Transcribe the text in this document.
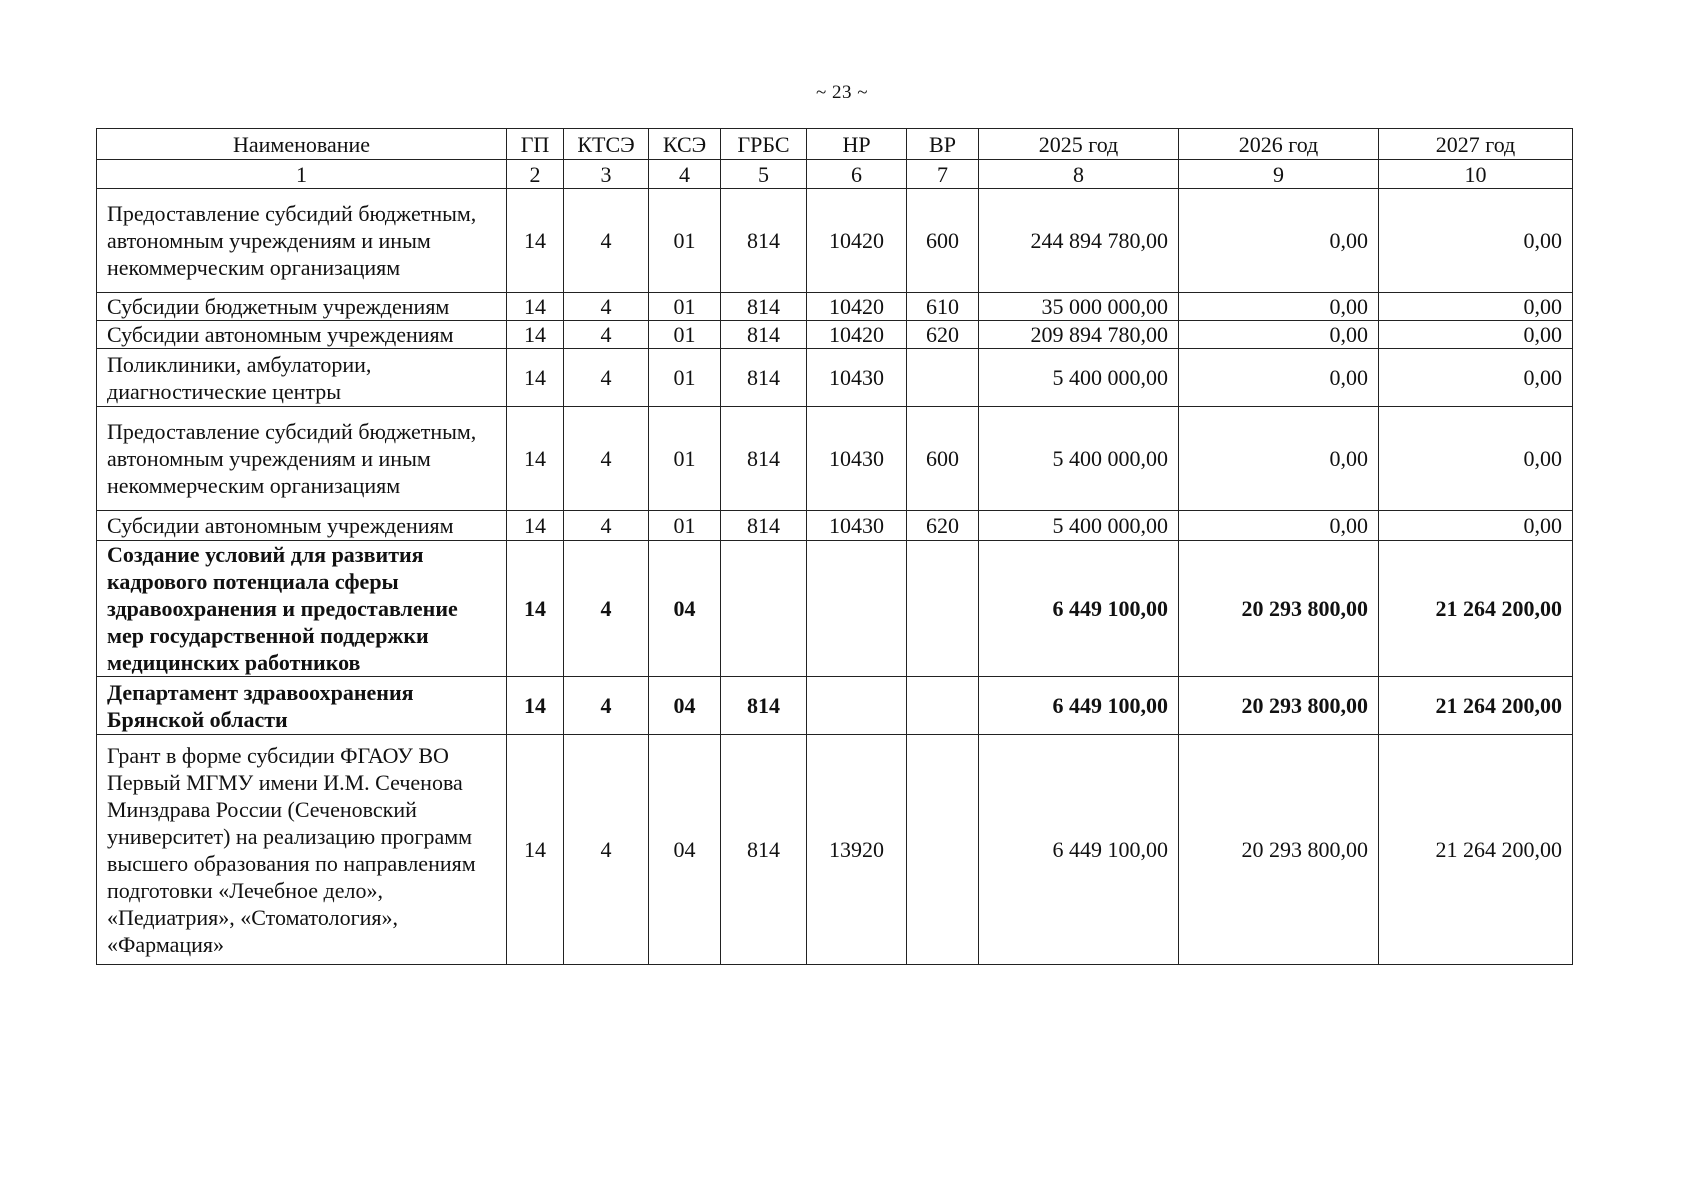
~ 23 ~
Наименование	ГП	КТСЭ	КСЭ	ГРБС	НР	ВР	2025 год	2026 год	2027 год
1	2	3	4	5	6	7	8	9	10
Предоставление субсидий бюджетным, автономным учреждениям и иным некоммерческим организациям	14	4	01	814	10420	600	244 894 780,00	0,00	0,00
Субсидии бюджетным учреждениям	14	4	01	814	10420	610	35 000 000,00	0,00	0,00
Субсидии автономным учреждениям	14	4	01	814	10420	620	209 894 780,00	0,00	0,00
Поликлиники, амбулатории, диагностические центры	14	4	01	814	10430		5 400 000,00	0,00	0,00
Предоставление субсидий бюджетным, автономным учреждениям и иным некоммерческим организациям	14	4	01	814	10430	600	5 400 000,00	0,00	0,00
Субсидии автономным учреждениям	14	4	01	814	10430	620	5 400 000,00	0,00	0,00
Создание условий для развития кадрового потенциала сферы здравоохранения и предоставление мер государственной поддержки медицинских работников	14	4	04				6 449 100,00	20 293 800,00	21 264 200,00
Департамент здравоохранения Брянской области	14	4	04	814			6 449 100,00	20 293 800,00	21 264 200,00
Грант в форме субсидии ФГАОУ ВО Первый МГМУ имени И.М. Сеченова Минздрава России (Сеченовский университет) на реализацию программ высшего образования по направлениям подготовки «Лечебное дело», «Педиатрия», «Стоматология», «Фармация»	14	4	04	814	13920		6 449 100,00	20 293 800,00	21 264 200,00
